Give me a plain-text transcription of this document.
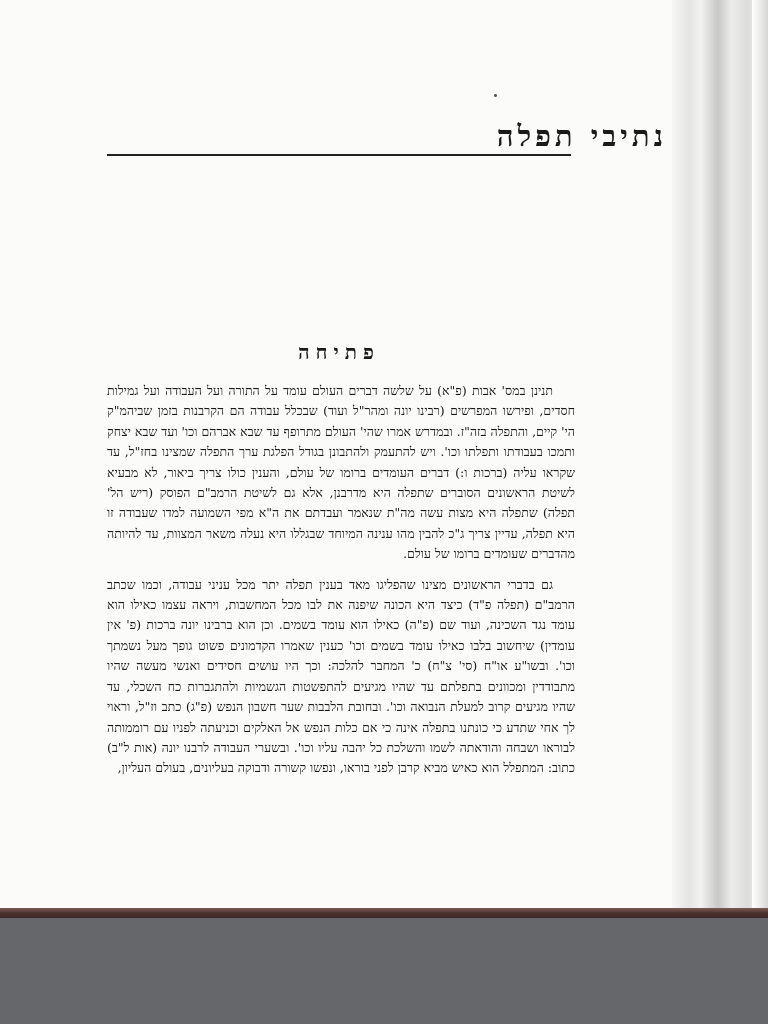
נתיבי תפלה
פתיחה

תנינן במס' אבות (פ"א) על שלשה דברים העולם עומד על התורה ועל העבודה ועל גמילות חסדים, ופירשו המפרשים (רבינו יונה ומהר"ל ועוד) שבכלל עבודה הם הקרבנות בזמן שביהמ"ק הי' קיים, והתפלה בזה"ז. ובמדרש אמרו שהי' העולם מתרופף עד שבא אברהם וכו' ועד שבא יצחק ותמכו בעבודתו ותפלתו וכו'. ויש להתעמק ולהתבונן בגודל הפלגת ערך התפלה שמצינו בחז"ל, עד שקראו עליה (ברכות ו:) דברים העומדים ברומו של עולם, והענין כולו צריך ביאור, לא מבעיא לשיטת הראשונים הסוברים שתפלה היא מדרבנן, אלא גם לשיטת הרמב"ם הפוסק (ריש הל' תפלה) שתפלה היא מצות עשה מה"ת שנאמר ועבדתם את ה"א מפי השמועה למדו שעבודה זו היא תפלה, עדיין צריך ג"כ להבין מהו ענינה המיוחד שבגללו היא נעלה משאר המצוות, עד להיותה מהדברים שעומדים ברומו של עולם.

גם בדברי הראשונים מצינו שהפליגו מאד בענין תפלה יתר מכל עניני עבודה, וכמו שכתב הרמב"ם (תפלה פ"ד) כיצד היא הכונה שיפנה את לבו מכל המחשבות, ויראה עצמו כאילו הוא עומד נגד השכינה, ועוד שם (פ"ה) כאילו הוא עומד בשמים. וכן הוא ברבינו יונה ברכות (פ' אין עומדין) שיחשוב בלבו כאילו עומד בשמים וכו' כענין שאמרו הקדמונים פשוט גופך מעל נשמתך וכו'. ובשו"ע או"ח (סי' צ"ח) כ' המחבר להלכה: וכך היו עושים חסידים ואנשי מעשה שהיו מתבודדין ומכוונים בתפלתם עד שהיו מגיעים להתפשטות הגשמיות ולהתגברות כח השכלי, עד שהיו מגיעים קרוב למעלת הנבואה וכו'. ובחובת הלבבות שער חשבון הנפש (פ"ג) כתב וז"ל, וראוי לך אחי שתדע כי כונתנו בתפלה אינה כי אם כלות הנפש אל האלקים וכניעתה לפניו עם רוממותה לבוראו ושבחה והודאתה לשמו והשלכת כל יהבה עליו וכו'. ובשערי העבודה לרבנו יונה (אות ל"ב) כתוב: המתפלל הוא כאיש מביא קרבן לפני בוראו, ונפשו קשורה ודבוקה בעליונים, בעולם העליון,
